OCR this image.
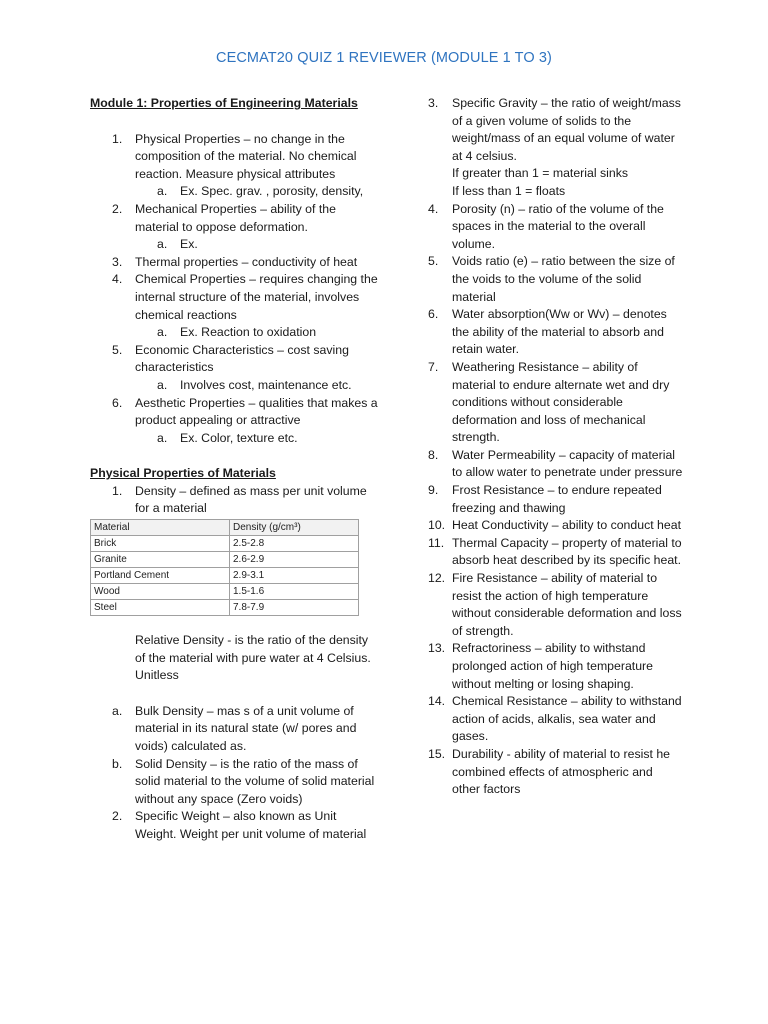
CECMAT20 QUIZ 1 REVIEWER (MODULE 1 TO 3)

Module 1: Properties of Engineering Materials

1. Physical Properties – no change in the composition of the material. No chemical reaction. Measure physical attributes
a. Ex. Spec. grav. , porosity, density,
2. Mechanical Properties – ability of the material to oppose deformation.
a. Ex.
3. Thermal properties – conductivity of heat
4. Chemical Properties – requires changing the internal structure of the material, involves chemical reactions
a. Ex. Reaction to oxidation
5. Economic Characteristics – cost saving characteristics
a. Involves cost, maintenance etc.
6. Aesthetic Properties – qualities that makes a product appealing or attractive
a. Ex. Color, texture etc.

Physical Properties of Materials

1. Density – defined as mass per unit volume for a material
Material	Density (g/cm³)
Brick	2.5-2.8
Granite	2.6-2.9
Portland Cement	2.9-3.1
Wood	1.5-1.6
Steel	7.8-7.9
Relative Density - is the ratio of the density of the material with pure water at 4 Celsius. Unitless
a. Bulk Density – mas s of a unit volume of material in its natural state (w/ pores and voids) calculated as.
b. Solid Density – is the ratio of the mass of solid material to the volume of solid material without any space (Zero voids)
2. Specific Weight – also known as Unit Weight. Weight per unit volume of material
3. Specific Gravity – the ratio of weight/mass of a given volume of solids to the weight/mass of an equal volume of water at 4 celsius.
If greater than 1 = material sinks
If less than 1 = floats
4. Porosity (n) – ratio of the volume of the spaces in the material to the overall volume.
5. Voids ratio (e) – ratio between the size of the voids to the volume of the solid material
6. Water absorption(Ww or Wv) – denotes the ability of the material to absorb and retain water.
7. Weathering Resistance – ability of material to endure alternate wet and dry conditions without considerable deformation and loss of mechanical strength.
8. Water Permeability – capacity of material to allow water to penetrate under pressure
9. Frost Resistance – to endure repeated freezing and thawing
10. Heat Conductivity – ability to conduct heat
11. Thermal Capacity – property of material to absorb heat described by its specific heat.
12. Fire Resistance – ability of material to resist the action of high temperature without considerable deformation and loss of strength.
13. Refractoriness – ability to withstand prolonged action of high temperature without melting or losing shaping.
14. Chemical Resistance – ability to withstand action of acids, alkalis, sea water and gases.
15. Durability - ability of material to resist he combined effects of atmospheric and other factors
